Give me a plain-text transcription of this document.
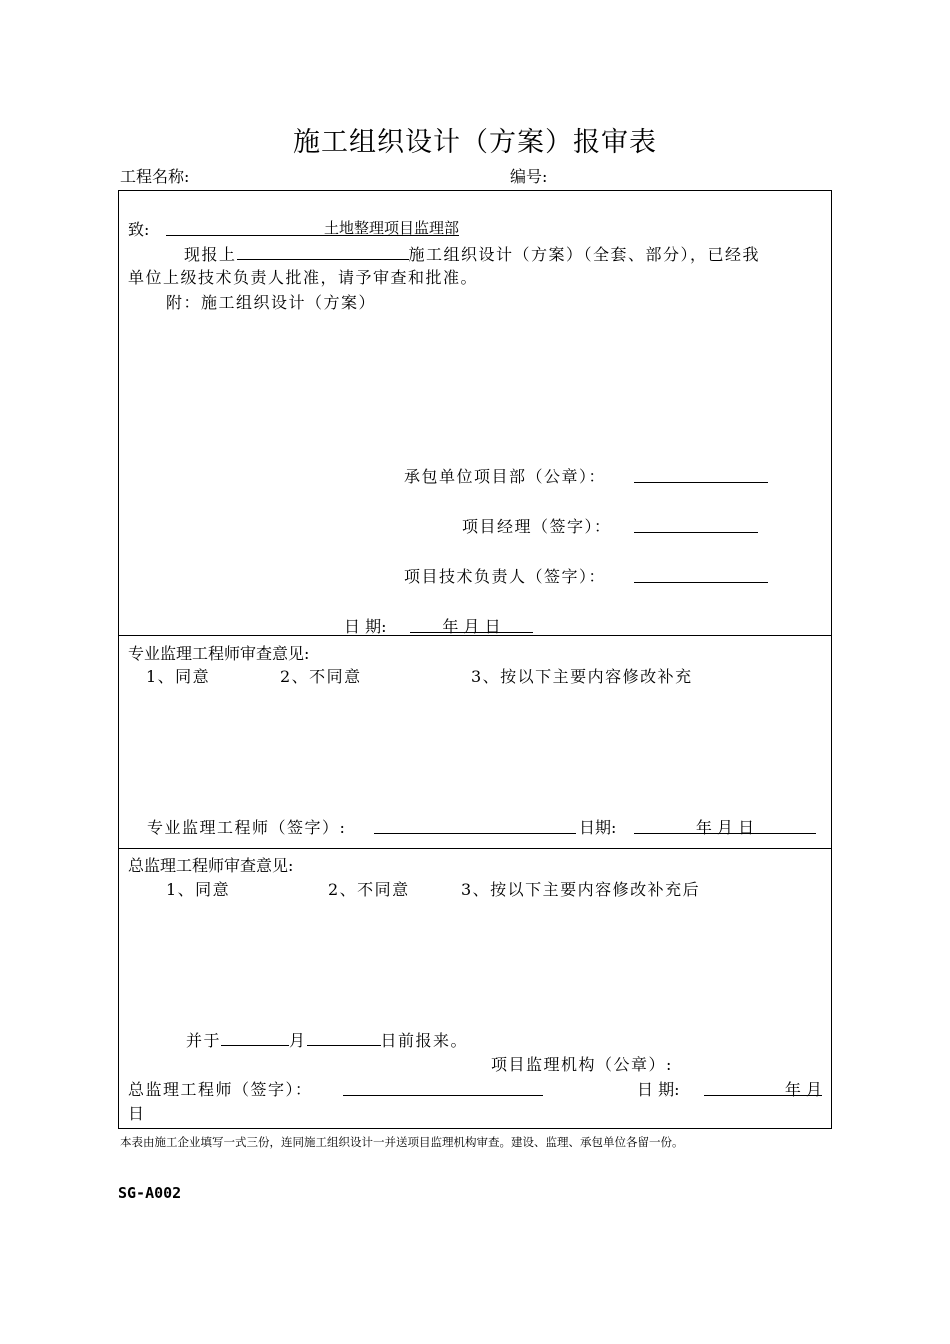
施工组织设计（方案）报审表
工程名称:	编号:
致:	土地整理项目监理部
现报上	施工组织设计（方案）（全套、部分），已经我
单位上级技术负责人批准，请予审查和批准。
附：施工组织设计（方案）
承包单位项目部（公章）：
项目经理（签字）：
项目技术负责人（签字）：
日 期:	年 月 日
专业监理工程师审查意见:
1、同意	2、不同意	3、按以下主要内容修改补充
专业监理工程师（签字）:	日期:	年 月 日
总监理工程师审查意见:
1、同意	2、不同意	3、按以下主要内容修改补充后
并于	月	日前报来。
项目监理机构（公章）:
总监理工程师（签字）：	日 期:	年 月
日
本表由施工企业填写一式三份，连同施工组织设计一并送项目监理机构审查。建设、监理、承包单位各留一份。
SG-A002
